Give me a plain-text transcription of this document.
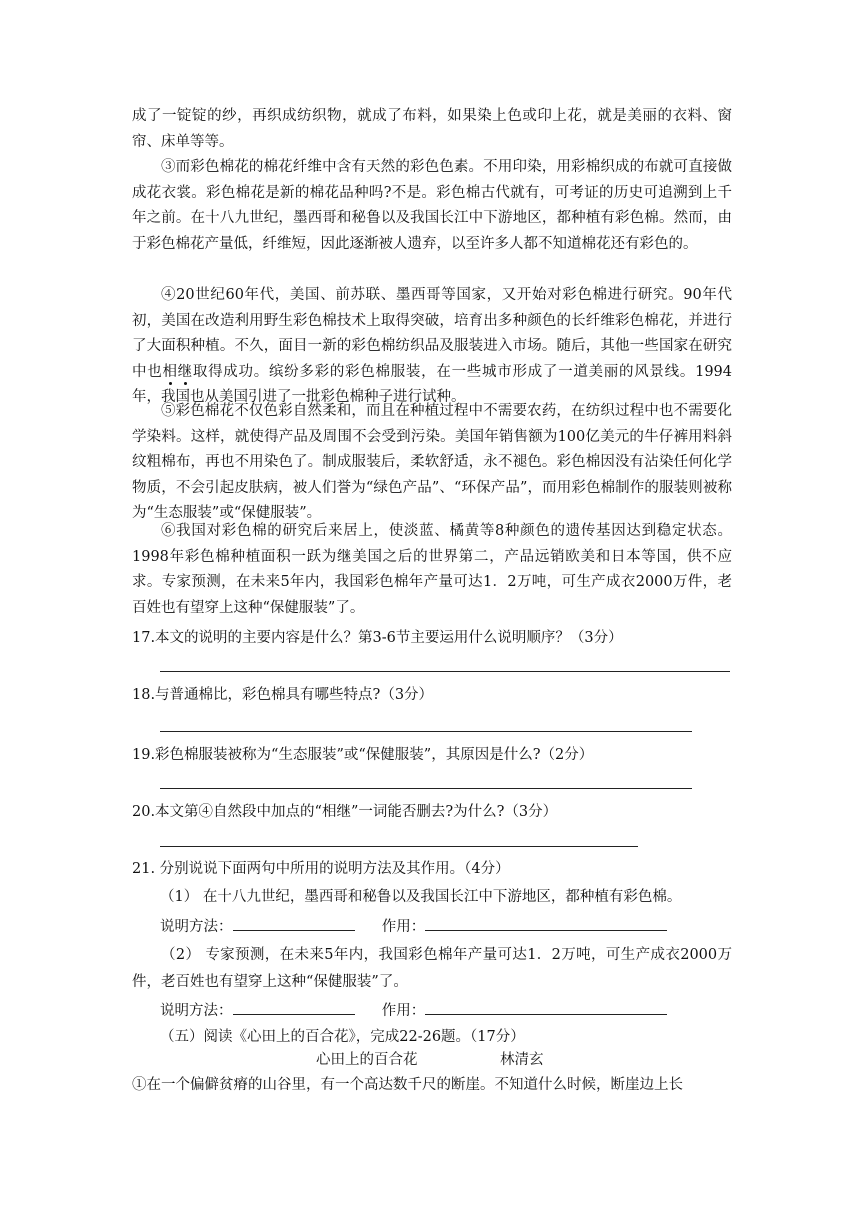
成了一锭锭的纱，再织成纺织物，就成了布料，如果染上色或印上花，就是美丽的衣料、窗帘、床单等等。
③而彩色棉花的棉花纤维中含有天然的彩色色素。不用印染，用彩棉织成的布就可直接做成花衣裳。彩色棉花是新的棉花品种吗?不是。彩色棉古代就有，可考证的历史可追溯到上千年之前。在十八九世纪，墨西哥和秘鲁以及我国长江中下游地区，都种植有彩色棉。然而，由于彩色棉花产量低，纤维短，因此逐渐被人遗弃，以至许多人都不知道棉花还有彩色的。
④20世纪60年代，美国、前苏联、墨西哥等国家，又开始对彩色棉进行研究。90年代初，美国在改造利用野生彩色棉技术上取得突破，培育出多种颜色的长纤维彩色棉花，并进行了大面积种植。不久，面目一新的彩色棉纺织品及服装进入市场。随后，其他一些国家在研究中也相继取得成功。缤纷多彩的彩色棉服装，在一些城市形成了一道美丽的风景线。1994年，我国也从美国引进了一批彩色棉种子进行试种。
⑤彩色棉花不仅色彩自然柔和，而且在种植过程中不需要农药，在纺织过程中也不需要化学染料。这样，就使得产品及周围不会受到污染。美国年销售额为100亿美元的牛仔裤用料斜纹粗棉布，再也不用染色了。制成服装后，柔软舒适，永不褪色。彩色棉因没有沾染任何化学物质，不会引起皮肤病，被人们誉为“绿色产品”、“环保产品”，而用彩色棉制作的服装则被称为“生态服装”或“保健服装”。
⑥我国对彩色棉的研究后来居上，使淡蓝、橘黄等8种颜色的遗传基因达到稳定状态。1998年彩色棉种植面积一跃为继美国之后的世界第二，产品远销欧美和日本等国，供不应求。专家预测，在未来5年内，我国彩色棉年产量可达1．2万吨，可生产成衣2000万件，老百姓也有望穿上这种“保健服装”了。
17.本文的说明的主要内容是什么？第3-6节主要运用什么说明顺序？（3分）
18.与普通棉比，彩色棉具有哪些特点?（3分）
19.彩色棉服装被称为“生态服装”或“保健服装”，其原因是什么?（2分）
20.本文第④自然段中加点的“相继”一词能否删去?为什么?（3分）
21. 分别说说下面两句中所用的说明方法及其作用。（4分）
（1） 在十八九世纪，墨西哥和秘鲁以及我国长江中下游地区，都种植有彩色棉。
说明方法：	作用：
（2） 专家预测，在未来5年内，我国彩色棉年产量可达1．2万吨，可生产成衣2000万件，老百姓也有望穿上这种“保健服装”了。
说明方法：	作用：
（五）阅读《心田上的百合花》，完成22-26题。（17分）
心田上的百合花	林清玄
①在一个偏僻贫瘠的山谷里，有一个高达数千尺的断崖。不知道什么时候，断崖边上长
